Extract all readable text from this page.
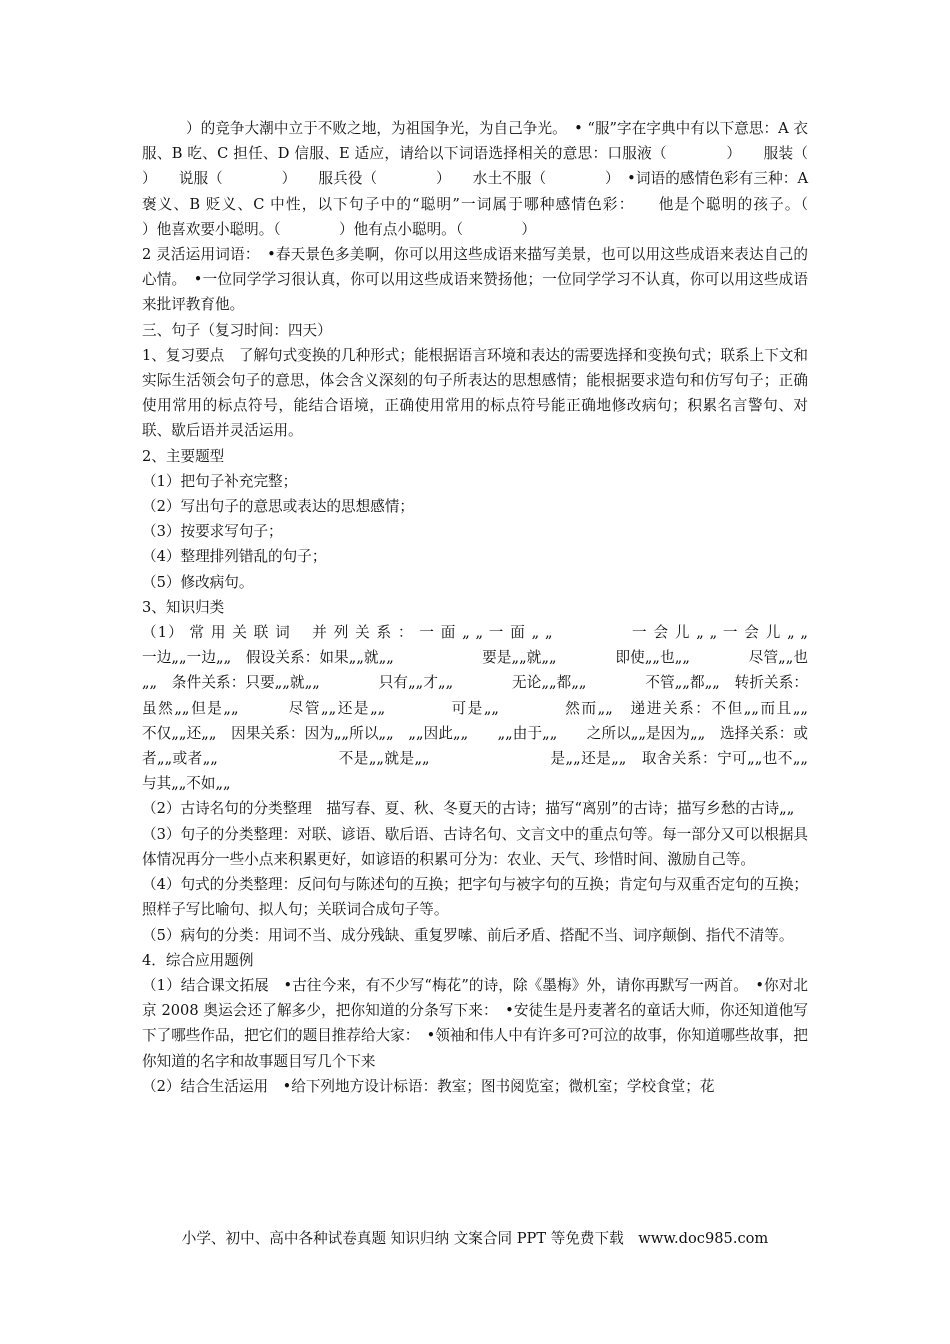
　　　）的竞争大潮中立于不败之地，为祖国争光，为自己争光。　• “服”字在字典中有以下意思：A 衣服、B 吃、C 担任、D 信服、E 适应，请给以下词语选择相关的意思：口服液（　　　　）　　服装（　　　　）　　说服（　　　　）　　服兵役（　　　　）　　水土不服（　　　　）　•词语的感情色彩有三种：A 褒义、B 贬义、C 中性，以下句子中的“聪明”一词属于哪种感情色彩：　　他是个聪明的孩子。（　　　　）他喜欢要小聪明。（　　　　）他有点小聪明。（　　　　）

2 灵活运用词语：　•春天景色多美啊，你可以用这些成语来描写美景，也可以用这些成语来表达自己的心情。　•一位同学学习很认真，你可以用这些成语来赞扬他；一位同学学习不认真，你可以用这些成语来批评教育他。

三、句子（复习时间：四天）

1、复习要点　了解句式变换的几种形式；能根据语言环境和表达的需要选择和变换句式；联系上下文和实际生活领会句子的意思，体会含义深刻的句子所表达的思想感情；能根据要求造句和仿写句子；正确使用常用的标点符号，能结合语境，正确使用常用的标点符号能正确地修改病句；积累名言警句、对联、歇后语并灵活运用。

2、主要题型

（1）把句子补充完整；

（2）写出句子的意思或表达的思想感情；

（3）按要求写句子；

（4）整理排列错乱的句子；

（5）修改病句。

3、知识归类

（1） 常 用 关 联 词　 并 列 关 系 ： 一 面 „ „ 一 面 „ „　　　　　一 会 儿 „ „ 一 会 儿 „ „　　　　一边„„一边„„　假设关系：如果„„就„„　　　　　　要是„„就„„　　　　即使„„也„„　　　　尽管„„也„„　条件关系：只要„„就„„　　　　只有„„才„„　　　　无论„„都„„　　　　不管„„都„„　转折关系：虽然„„但是„„　　　尽管„„还是„„　　　　可是„„　　　　然而„„　递进关系：不但„„而且„„　　　　　　不仅„„还„„　因果关系：因为„„所以„„　„„因此„„　　„„由于„„　　之所以„„是因为„„　选择关系：或者„„或者„„　　　　　　　　不是„„就是„„　　　　　　　　是„„还是„„　取舍关系：宁可„„也不„„　　　　　　　　与其„„不如„„

（2）古诗名句的分类整理　描写春、夏、秋、冬夏天的古诗；描写“离别”的古诗；描写乡愁的古诗„„

（3）句子的分类整理：对联、谚语、歇后语、古诗名句、文言文中的重点句等。每一部分又可以根据具体情况再分一些小点来积累更好，如谚语的积累可分为：农业、天气、珍惜时间、激励自己等。

（4）句式的分类整理：反问句与陈述句的互换；把字句与被字句的互换；肯定句与双重否定句的互换；照样子写比喻句、拟人句；关联词合成句子等。

（5）病句的分类：用词不当、成分残缺、重复罗嗦、前后矛盾、搭配不当、词序颠倒、指代不清等。

4．综合应用题例

（1）结合课文拓展　•古往今来，有不少写“梅花”的诗，除《墨梅》外，请你再默写一两首。　•你对北京 2008 奥运会还了解多少，把你知道的分条写下来：　•安徒生是丹麦著名的童话大师，你还知道他写下了哪些作品，把它们的题目推荐给大家：　•领袖和伟人中有许多可?可泣的故事，你知道哪些故事，把你知道的名字和故事题目写几个下来

（2）结合生活运用　•给下列地方设计标语：教室；图书阅览室；微机室；学校食堂；花

小学、初中、高中各种试卷真题 知识归纳 文案合同 PPT 等免费下载　www.doc985.com
